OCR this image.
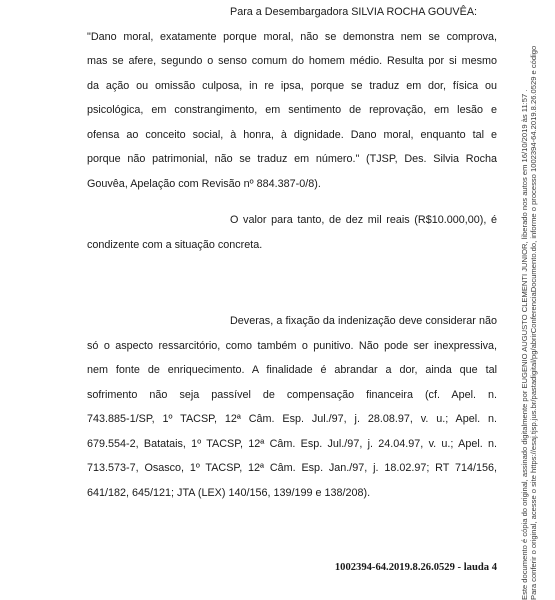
Para a Desembargadora SILVIA ROCHA GOUVÊA:
"Dano moral, exatamente porque moral, não se demonstra nem se comprova,
mas se afere, segundo o senso comum do homem médio. Resulta por si mesmo
da ação ou omissão culposa, in re ipsa, porque se traduz em dor, física ou
psicológica, em constrangimento, em sentimento de reprovação, em lesão e
ofensa ao conceito social, à honra, à dignidade. Dano moral, enquanto tal e
porque não patrimonial, não se traduz em número." (TJSP, Des. Silvia Rocha
Gouvêa, Apelação com Revisão nº 884.387-0/8).
O valor para tanto, de dez mil reais (R$10.000,00), é
condizente com a situação concreta.
Deveras, a fixação da indenização deve considerar não
só o aspecto ressarcitório, como também o punitivo. Não pode ser inexpressiva,
nem fonte de enriquecimento. A finalidade é abrandar a dor, ainda que tal
sofrimento não seja passível de compensação financeira (cf. Apel. n.
743.885-1/SP, 1º TACSP, 12ª Câm. Esp. Jul./97, j. 28.08.97, v. u.; Apel. n.
679.554-2, Batatais, 1º TACSP, 12ª Câm. Esp. Jul./97, j. 24.04.97, v. u.; Apel. n.
713.573-7, Osasco, 1º TACSP, 12ª Câm. Esp. Jan./97, j. 18.02.97; RT 714/156,
641/182, 645/121; JTA (LEX) 140/156, 139/199 e 138/208).
1002394-64.2019.8.26.0529 - lauda 4	Este documento é cópia do original, assinado digitalmente por EUGENIO AUGUSTO CLEMENTI JUNIOR, liberado nos autos em 16/10/2019 às 11:57 . Para conferir o original, acesse o site https://esaj.tjsp.jus.br/pastadigital/pg/abrirConferenciaDocumento.do, informe o processo 1002394-64.2019.8.26.0529 e código
